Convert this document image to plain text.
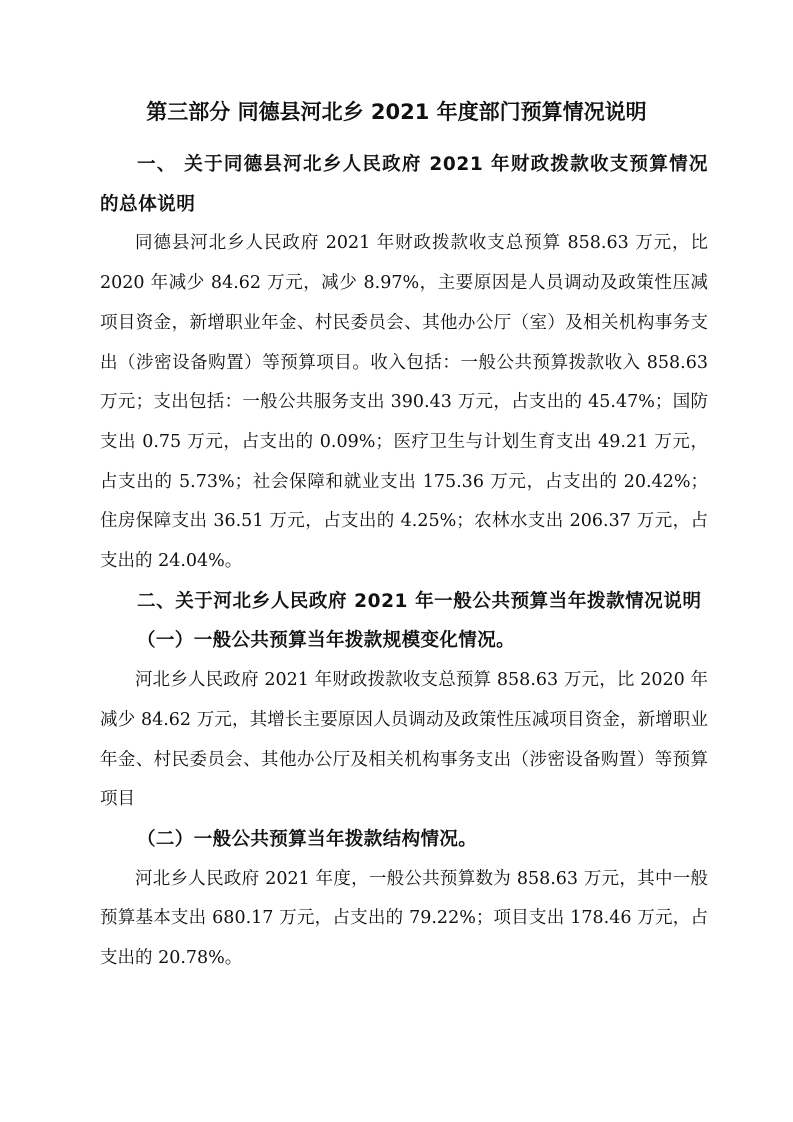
第三部分 同德县河北乡 2021 年度部门预算情况说明

一、 关于同德县河北乡人民政府 2021 年财政拨款收支预算情况的总体说明

同德县河北乡人民政府 2021 年财政拨款收支总预算 858.63 万元，比 2020 年减少 84.62 万元，减少 8.97%，主要原因是人员调动及政策性压减项目资金，新增职业年金、村民委员会、其他办公厅（室）及相关机构事务支出（涉密设备购置）等预算项目。收入包括：一般公共预算拨款收入 858.63 万元；支出包括：一般公共服务支出 390.43 万元，占支出的 45.47%；国防支出 0.75 万元，占支出的 0.09%；医疗卫生与计划生育支出 49.21 万元，占支出的 5.73%；社会保障和就业支出 175.36 万元，占支出的 20.42%；住房保障支出 36.51 万元，占支出的 4.25%；农林水支出 206.37 万元，占支出的 24.04%。

二、关于河北乡人民政府 2021 年一般公共预算当年拨款情况说明

（一）一般公共预算当年拨款规模变化情况。

河北乡人民政府 2021 年财政拨款收支总预算 858.63 万元，比 2020 年减少 84.62 万元，其增长主要原因人员调动及政策性压减项目资金，新增职业年金、村民委员会、其他办公厅及相关机构事务支出（涉密设备购置）等预算项目

（二）一般公共预算当年拨款结构情况。

河北乡人民政府 2021 年度，一般公共预算数为 858.63 万元，其中一般预算基本支出 680.17 万元，占支出的 79.22%；项目支出 178.46 万元，占支出的 20.78%。
